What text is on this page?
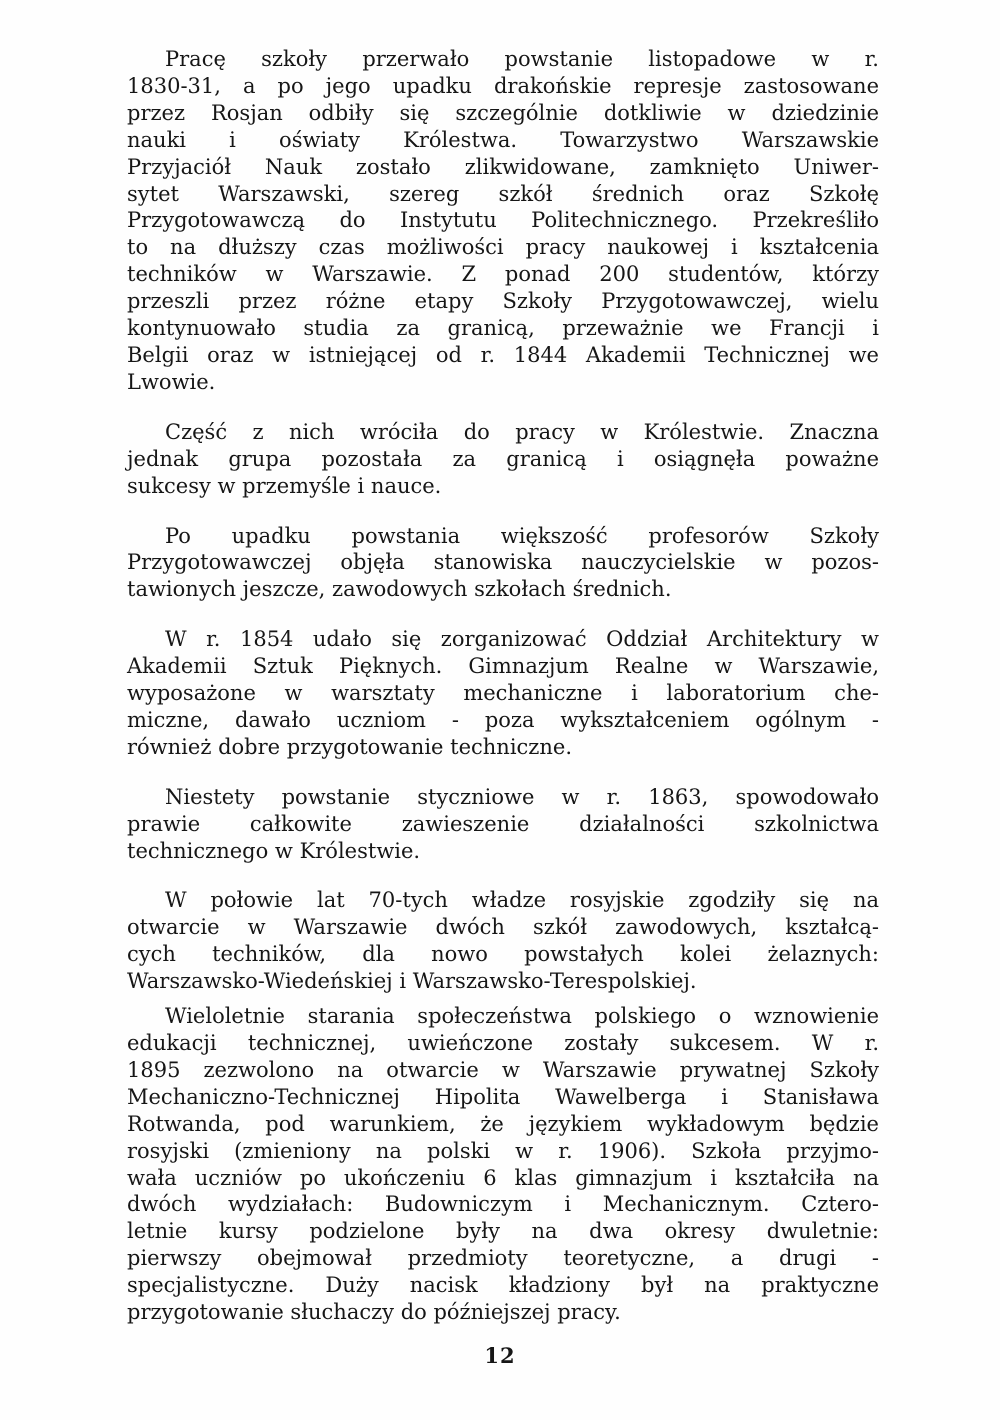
Pracę szkoły przerwało powstanie listopadowe w r.
1830-31, a po jego upadku drakońskie represje zastosowane
przez Rosjan odbiły się szczególnie dotkliwie w dziedzinie
nauki i oświaty Królestwa. Towarzystwo Warszawskie
Przyjaciół Nauk zostało zlikwidowane, zamknięto Uniwer-
sytet Warszawski, szereg szkół średnich oraz Szkołę
Przygotowawczą do Instytutu Politechnicznego. Przekreśliło
to na dłuższy czas możliwości pracy naukowej i kształcenia
techników w Warszawie. Z ponad 200 studentów, którzy
przeszli przez różne etapy Szkoły Przygotowawczej, wielu
kontynuowało studia za granicą, przeważnie we Francji i
Belgii oraz w istniejącej od r. 1844 Akademii Technicznej we
Lwowie.

Część z nich wróciła do pracy w Królestwie. Znaczna
jednak grupa pozostała za granicą i osiągnęła poważne
sukcesy w przemyśle i nauce.

Po upadku powstania większość profesorów Szkoły
Przygotowawczej objęła stanowiska nauczycielskie w pozos-
tawionych jeszcze, zawodowych szkołach średnich.

W r. 1854 udało się zorganizować Oddział Architektury w
Akademii Sztuk Pięknych. Gimnazjum Realne w Warszawie,
wyposażone w warsztaty mechaniczne i laboratorium che-
miczne, dawało uczniom - poza wykształceniem ogólnym -
również dobre przygotowanie techniczne.

Niestety powstanie styczniowe w r. 1863, spowodowało
prawie całkowite zawieszenie działalności szkolnictwa
technicznego w Królestwie.

W połowie lat 70-tych władze rosyjskie zgodziły się na
otwarcie w Warszawie dwóch szkół zawodowych, kształcą-
cych techników, dla nowo powstałych kolei żelaznych:
Warszawsko-Wiedeńskiej i Warszawsko-Terespolskiej.

Wieloletnie starania społeczeństwa polskiego o wznowienie
edukacji technicznej, uwieńczone zostały sukcesem. W r.
1895 zezwolono na otwarcie w Warszawie prywatnej Szkoły
Mechaniczno-Technicznej Hipolita Wawelberga i Stanisława
Rotwanda, pod warunkiem, że językiem wykładowym będzie
rosyjski (zmieniony na polski w r. 1906). Szkoła przyjmo-
wała uczniów po ukończeniu 6 klas gimnazjum i kształciła na
dwóch wydziałach: Budowniczym i Mechanicznym. Cztero-
letnie kursy podzielone były na dwa okresy dwuletnie:
pierwszy obejmował przedmioty teoretyczne, a drugi -
specjalistyczne. Duży nacisk kładziony był na praktyczne
przygotowanie słuchaczy do późniejszej pracy.

12
